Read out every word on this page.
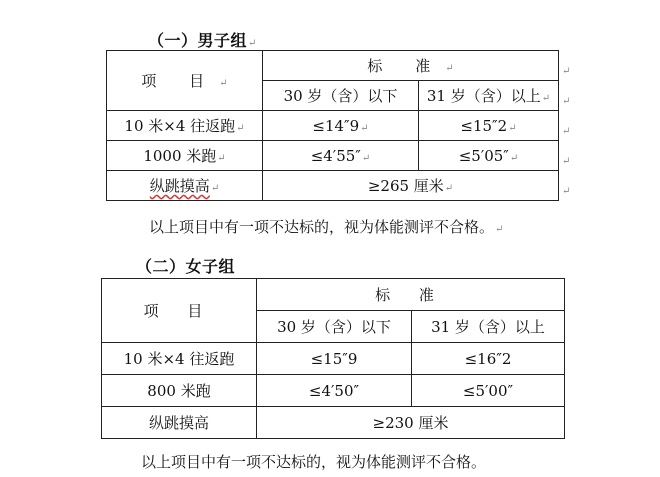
（一）男子组↵
项 目↵	标 准↵	
	30 岁（含）以下	31 岁（含）以上↵
10 米×4 往返跑↵	≤14″9↵	≤15″2↵
1000 米跑↵	≤4′55″↵	≤5′05″↵
纵跳摸高↵	≥265 厘米↵	
↵
↵
↵
↵
↵
以上项目中有一项不达标的，视为体能测评不合格。↵
（二）女子组
项 目	标 准	
	30 岁（含）以下	31 岁（含）以上
10 米×4 往返跑	≤15″9	≤16″2
800 米跑	≤4′50″	≤5′00″
纵跳摸高	≥230 厘米	
以上项目中有一项不达标的，视为体能测评不合格。
